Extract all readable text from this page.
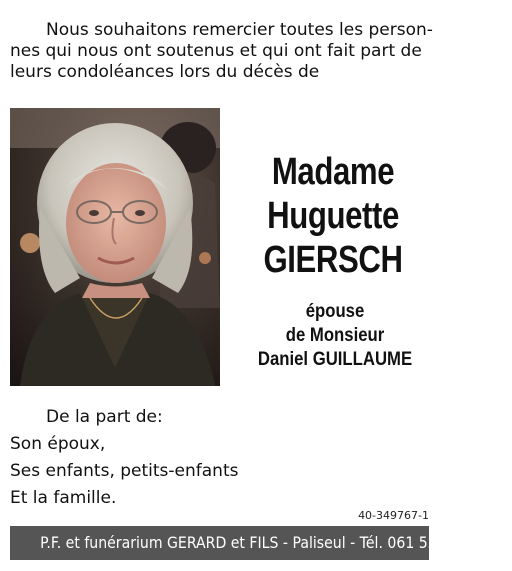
Nous souhaitons remercier toutes les person-
nes qui nous ont soutenus et qui ont fait part de
leurs condoléances lors du décès de
Madame
Huguette
GIERSCH
épouse
de Monsieur
Daniel GUILLAUME
De la part de:
Son époux,
Ses enfants, petits-enfants
Et la famille.
40-349767-1
P.F. et funérarium GERARD et FILS - Paliseul - Tél. 061 53 32 84
